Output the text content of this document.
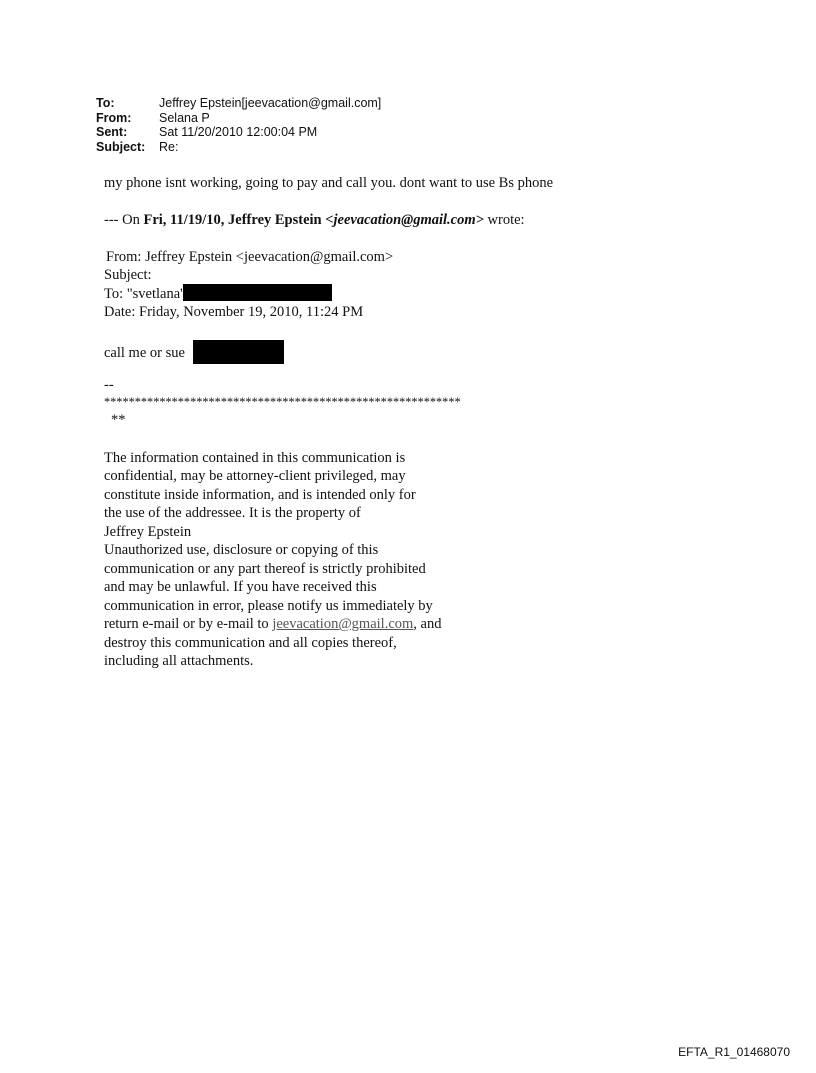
To:	Jeffrey Epstein[jeevacation@gmail.com]
From:	Selana P
Sent:	Sat 11/20/2010 12:00:04 PM
Subject:	Re:
my phone isnt working, going to pay and call you. dont want to use Bs phone
--- On Fri, 11/19/10, Jeffrey Epstein <jeevacation@gmail.com> wrote:
From: Jeffrey Epstein <jeevacation@gmail.com>
Subject:
To: "svetlana'
Date: Friday, November 19, 2010, 11:24 PM
call me or sue
--
**********************************************************
**

The information contained in this communication is
confidential, may be attorney-client privileged, may
constitute inside information, and is intended only for
the use of the addressee. It is the property of
Jeffrey Epstein
Unauthorized use, disclosure or copying of this
communication or any part thereof is strictly prohibited
and may be unlawful. If you have received this
communication in error, please notify us immediately by
return e-mail or by e-mail to jeevacation@gmail.com, and
destroy this communication and all copies thereof,
including all attachments.

EFTA_R1_01468070
